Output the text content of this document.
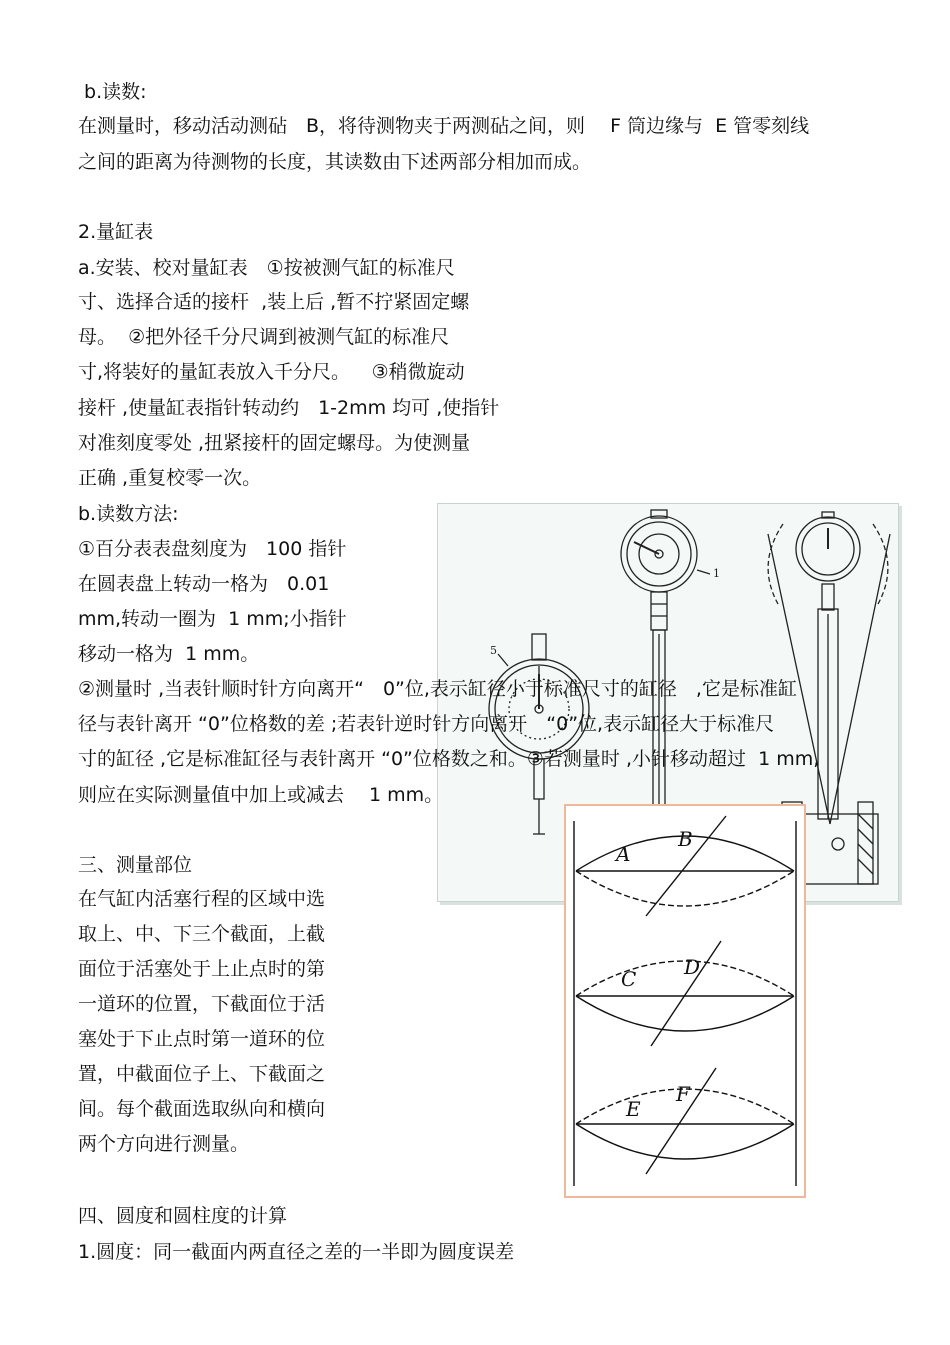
1
5
A
B
C D
E
F
b.读数:
在测量时，移动活动测砧　B，将待测物夹于两测砧之间，则　 F 筒边缘与  E 管零刻线
之间的距离为待测物的长度，其读数由下述两部分相加而成。
2.量缸表
a.安装、校对量缸表　①按被测气缸的标准尺
寸、选择合适的接杆  ,装上后 ,暂不拧紧固定螺
母。  ②把外径千分尺调到被测气缸的标准尺
寸,将装好的量缸表放入千分尺。　  ③稍微旋动
接杆 ,使量缸表指针转动约　1-2mm 均可 ,使指针
对准刻度零处 ,扭紧接杆的固定螺母。为使测量
正确 ,重复校零一次。
b.读数方法:
①百分表表盘刻度为　100 指针
在圆表盘上转动一格为　0.01
mm,转动一圈为  1 mm;小指针
移动一格为  1 mm。
②测量时 ,当表针顺时针方向离开“　0”位,表示缸径小于标准尺寸的缸径　,它是标准缸
径与表针离开 “0”位格数的差 ;若表针逆时针方向离开　“0”位,表示缸径大于标准尺
寸的缸径 ,它是标准缸径与表针离开 “0”位格数之和。③若测量时 ,小针移动超过  1 mm,
则应在实际测量值中加上或减去　 1 mm。
三、测量部位
在气缸内活塞行程的区域中选
取上、中、下三个截面，上截
面位于活塞处于上止点时的第
一道环的位置，下截面位于活
塞处于下止点时第一道环的位
置，中截面位子上、下截面之
间。每个截面选取纵向和横向
两个方向进行测量。
四、圆度和圆柱度的计算
1.圆度：同一截面内两直径之差的一半即为圆度误差
